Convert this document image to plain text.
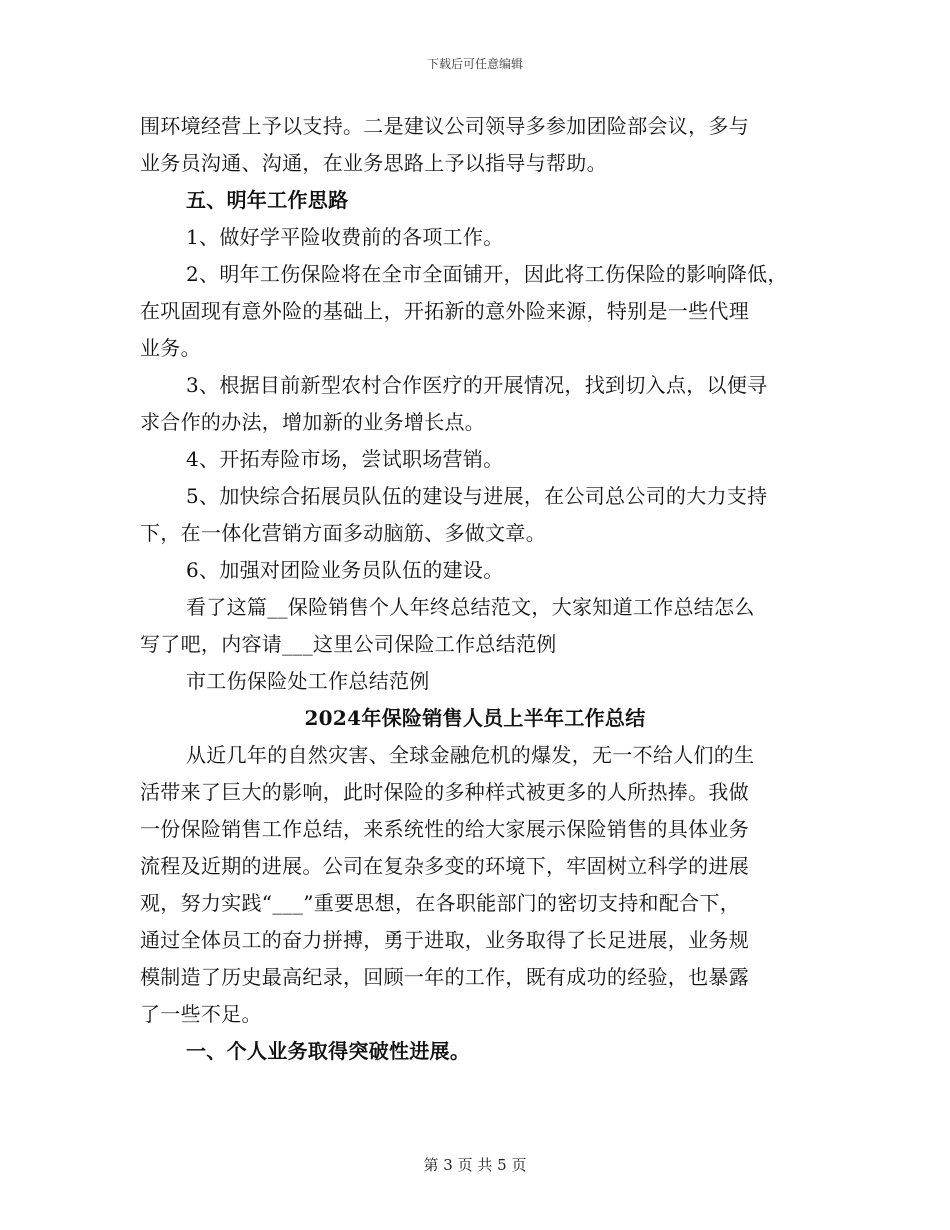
下载后可任意编辑
围环境经营上予以支持。二是建议公司领导多参加团险部会议，多与
业务员沟通、沟通，在业务思路上予以指导与帮助。
五、明年工作思路
1、做好学平险收费前的各项工作。
2、明年工伤保险将在全市全面铺开，因此将工伤保险的影响降低，
在巩固现有意外险的基础上，开拓新的意外险来源，特别是一些代理
业务。
3、根据目前新型农村合作医疗的开展情况，找到切入点，以便寻
求合作的办法，增加新的业务增长点。
4、开拓寿险市场，尝试职场营销。
5、加快综合拓展员队伍的建设与进展，在公司总公司的大力支持
下，在一体化营销方面多动脑筋、多做文章。
6、加强对团险业务员队伍的建设。
看了这篇__保险销售个人年终总结范文，大家知道工作总结怎么
写了吧，内容请___这里公司保险工作总结范例
市工伤保险处工作总结范例
2024年保险销售人员上半年工作总结
从近几年的自然灾害、全球金融危机的爆发，无一不给人们的生
活带来了巨大的影响，此时保险的多种样式被更多的人所热捧。我做
一份保险销售工作总结，来系统性的给大家展示保险销售的具体业务
流程及近期的进展。公司在复杂多变的环境下，牢固树立科学的进展
观，努力实践“___”重要思想，在各职能部门的密切支持和配合下，
通过全体员工的奋力拼搏，勇于进取，业务取得了长足进展，业务规
模制造了历史最高纪录，回顾一年的工作，既有成功的经验，也暴露
了一些不足。
一、个人业务取得突破性进展。
第 3 页 共 5 页
